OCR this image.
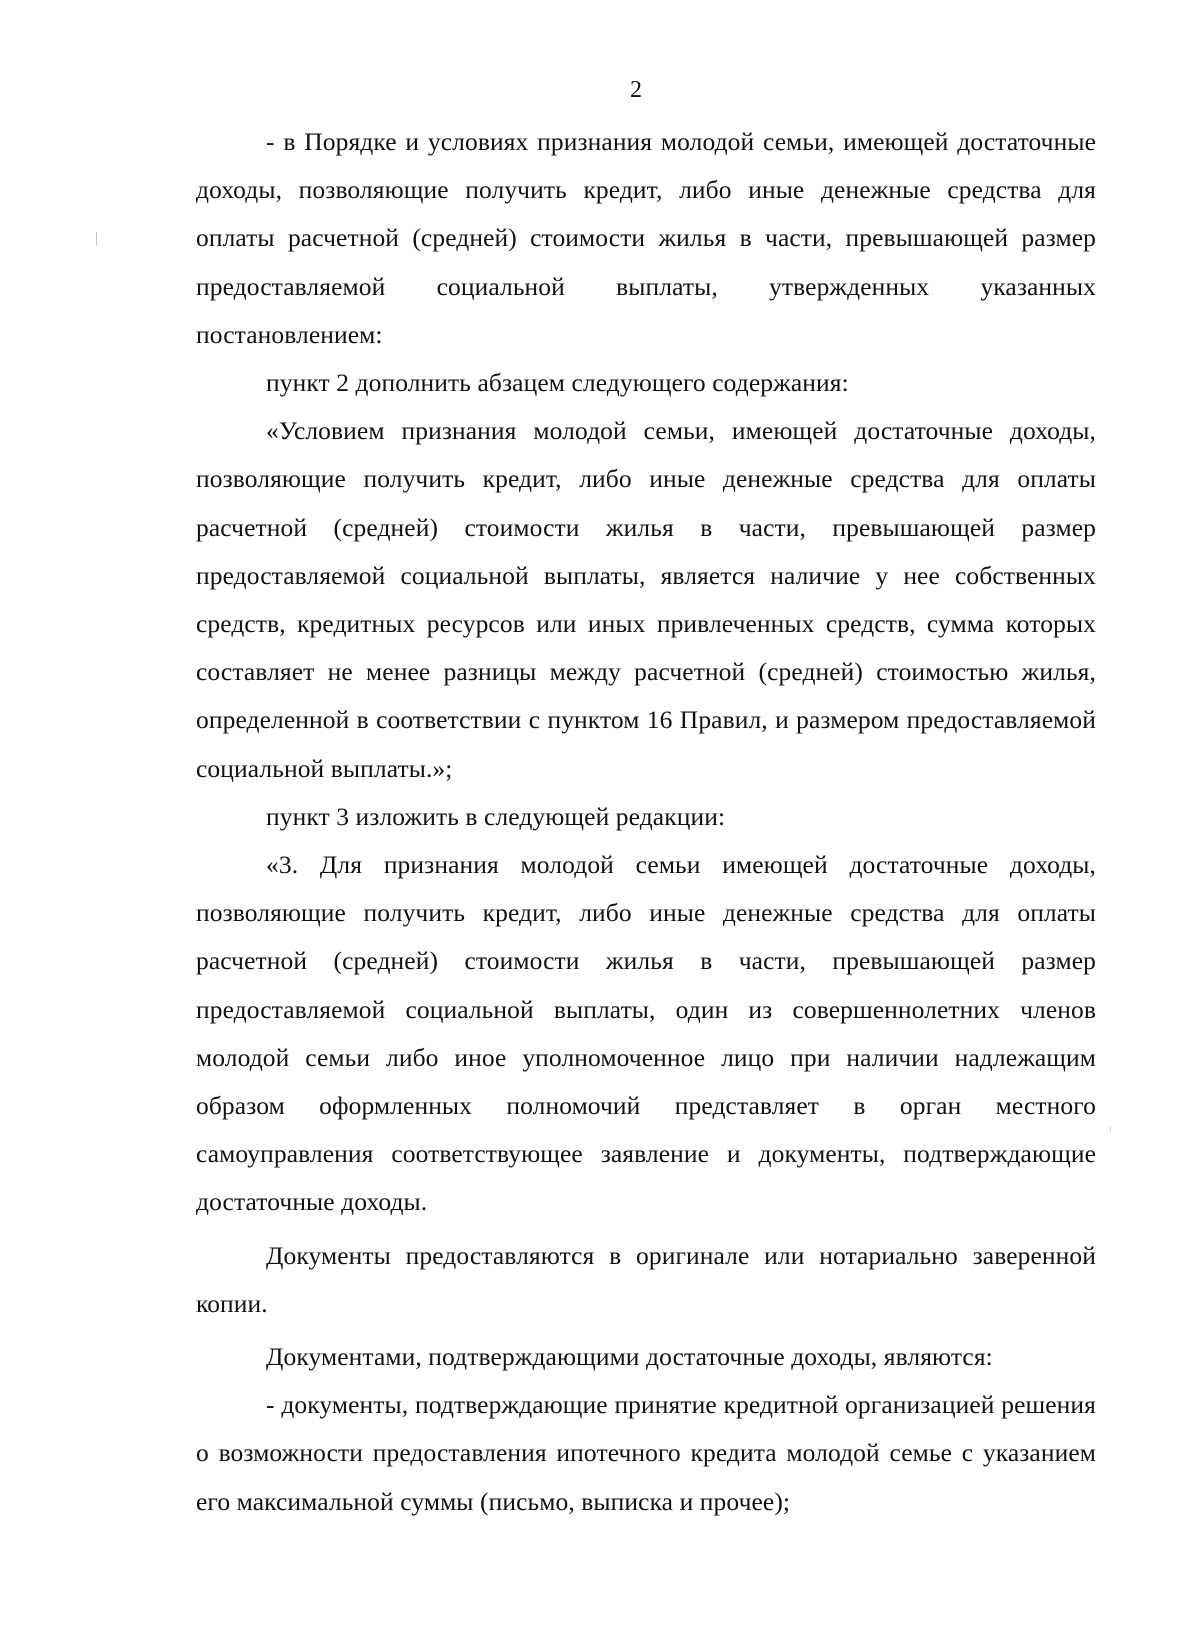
2

- в Порядке и условиях признания молодой семьи, имеющей достаточные доходы, позволяющие получить кредит, либо иные денежные средства для оплаты расчетной (средней) стоимости жилья в части, превышающей размер предоставляемой социальной выплаты, утвержденных указанных постановлением:

пункт 2 дополнить абзацем следующего содержания:

«Условием признания молодой семьи, имеющей достаточные доходы, позволяющие получить кредит, либо иные денежные средства для оплаты расчетной (средней) стоимости жилья в части, превышающей размер предоставляемой социальной выплаты, является наличие у нее собственных средств, кредитных ресурсов или иных привлеченных средств, сумма которых составляет не менее разницы между расчетной (средней) стоимостью жилья, определенной в соответствии с пунктом 16 Правил, и размером предоставляемой социальной выплаты.»;

пункт 3 изложить в следующей редакции:

«3. Для признания молодой семьи имеющей достаточные доходы, позволяющие получить кредит, либо иные денежные средства для оплаты расчетной (средней) стоимости жилья в части, превышающей размер предоставляемой социальной выплаты, один из совершеннолетних членов молодой семьи либо иное уполномоченное лицо при наличии надлежащим образом оформленных полномочий представляет в орган местного самоуправления соответствующее заявление и документы, подтверждающие достаточные доходы.

Документы предоставляются в оригинале или нотариально заверенной копии.

Документами, подтверждающими достаточные доходы, являются:

- документы, подтверждающие принятие кредитной организацией решения о возможности предоставления ипотечного кредита молодой семье с указанием его максимальной суммы (письмо, выписка и прочее);
